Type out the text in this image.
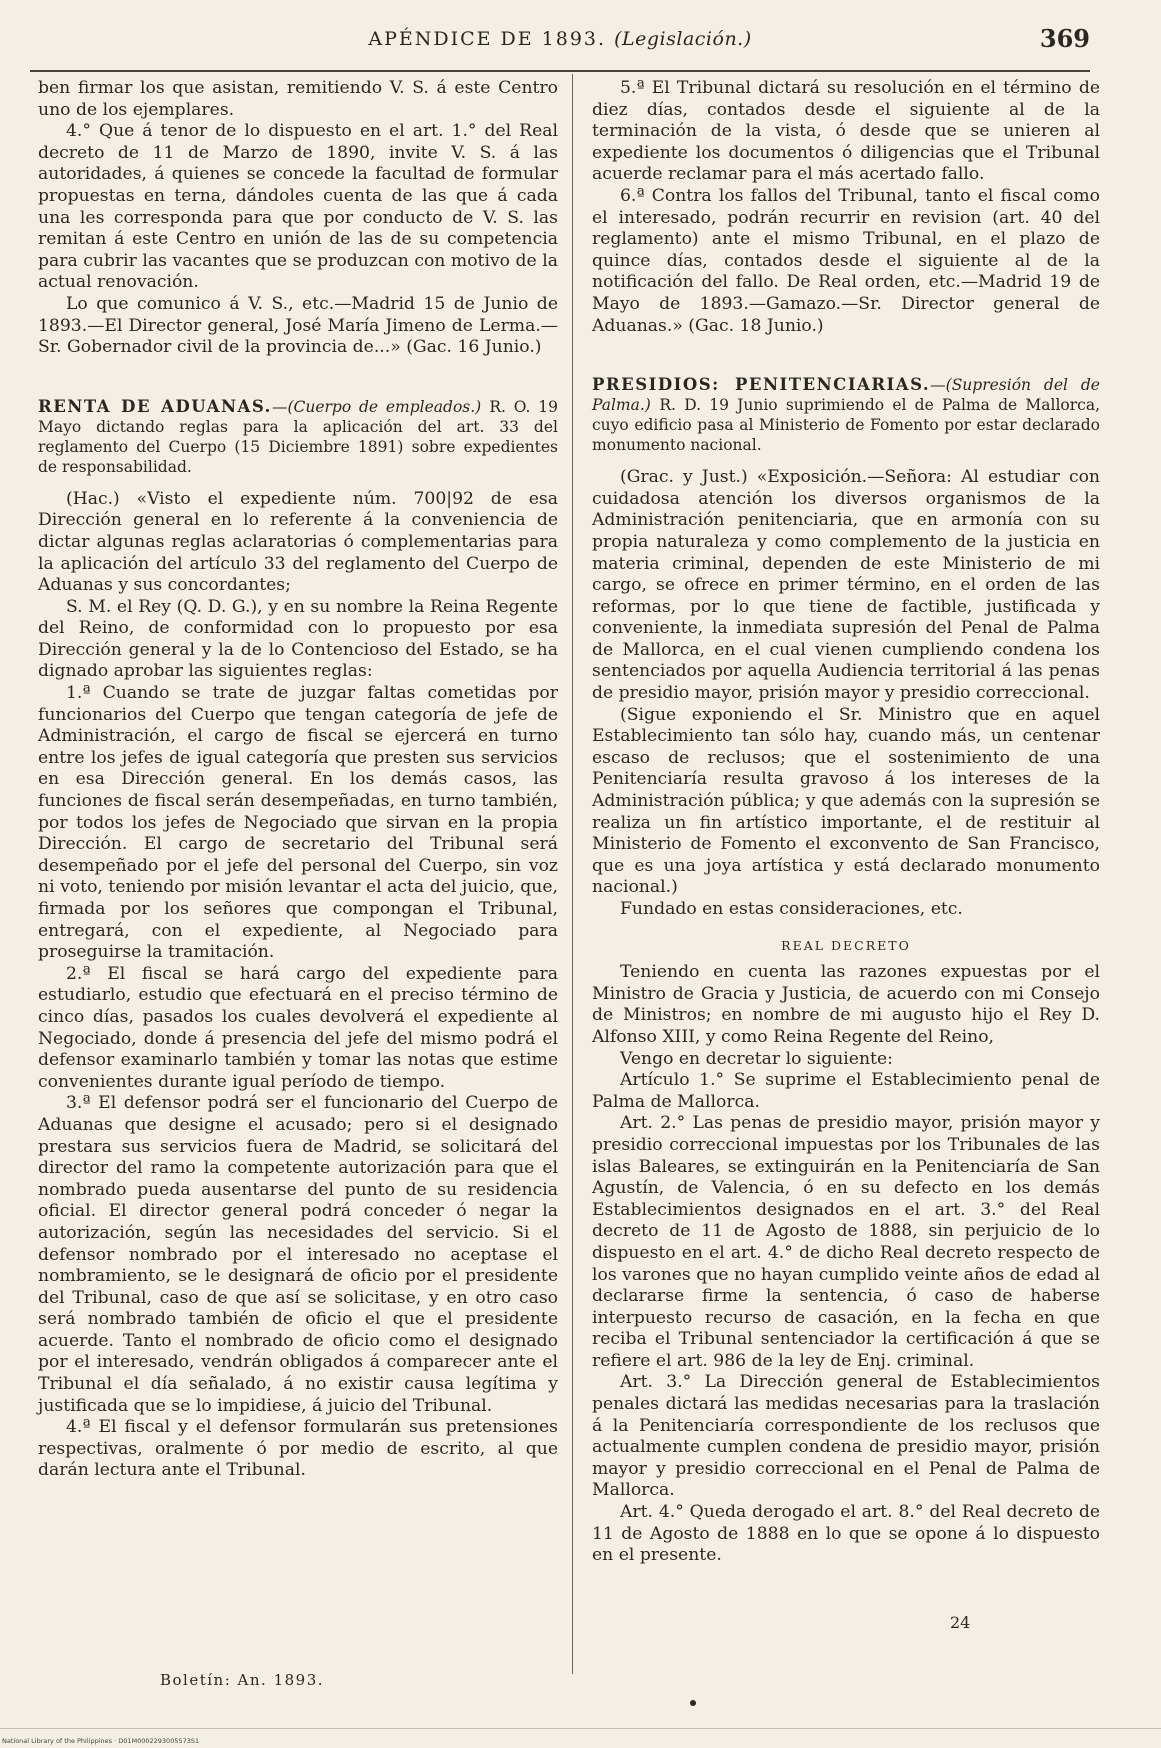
APÉNDICE DE 1893. (Legislación.)	369

ben firmar los que asistan, remitiendo V. S. á este Centro uno de los ejemplares.

4.° Que á tenor de lo dispuesto en el art. 1.° del Real decreto de 11 de Marzo de 1890, invite V. S. á las autoridades, á quienes se concede la facultad de formular propuestas en terna, dándoles cuenta de las que á cada una les corresponda para que por conducto de V. S. las remitan á este Centro en unión de las de su competencia para cubrir las vacantes que se produzcan con motivo de la actual renovación.

Lo que comunico á V. S., etc.—Madrid 15 de Junio de 1893.—El Director general, José María Jimeno de Lerma.—Sr. Gobernador civil de la provincia de...» (Gac. 16 Junio.)

RENTA DE ADUANAS.—(Cuerpo de empleados.) R. O. 19 Mayo dictando reglas para la aplicación del art. 33 del reglamento del Cuerpo (15 Diciembre 1891) sobre expedientes de responsabilidad.

(Hac.) «Visto el expediente núm. 700|92 de esa Dirección general en lo referente á la conveniencia de dictar algunas reglas aclaratorias ó complementarias para la aplicación del artículo 33 del reglamento del Cuerpo de Aduanas y sus concordantes;

S. M. el Rey (Q. D. G.), y en su nombre la Reina Regente del Reino, de conformidad con lo propuesto por esa Dirección general y la de lo Contencioso del Estado, se ha dignado aprobar las siguientes reglas:

1.ª Cuando se trate de juzgar faltas cometidas por funcionarios del Cuerpo que tengan categoría de jefe de Administración, el cargo de fiscal se ejercerá en turno entre los jefes de igual categoría que presten sus servicios en esa Dirección general. En los demás casos, las funciones de fiscal serán desempeñadas, en turno también, por todos los jefes de Negociado que sirvan en la propia Dirección. El cargo de secretario del Tribunal será desempeñado por el jefe del personal del Cuerpo, sin voz ni voto, teniendo por misión levantar el acta del juicio, que, firmada por los señores que compongan el Tribunal, entregará, con el expediente, al Negociado para proseguirse la tramitación.

2.ª El fiscal se hará cargo del expediente para estudiarlo, estudio que efectuará en el preciso término de cinco días, pasados los cuales devolverá el expediente al Negociado, donde á presencia del jefe del mismo podrá el defensor examinarlo también y tomar las notas que estime convenientes durante igual período de tiempo.

3.ª El defensor podrá ser el funcionario del Cuerpo de Aduanas que designe el acusado; pero si el designado prestara sus servicios fuera de Madrid, se solicitará del director del ramo la competente autorización para que el nombrado pueda ausentarse del punto de su residencia oficial. El director general podrá conceder ó negar la autorización, según las necesidades del servicio. Si el defensor nombrado por el interesado no aceptase el nombramiento, se le designará de oficio por el presidente del Tribunal, caso de que así se solicitase, y en otro caso será nombrado también de oficio el que el presidente acuerde. Tanto el nombrado de oficio como el designado por el interesado, vendrán obligados á comparecer ante el Tribunal el día señalado, á no existir causa legítima y justificada que se lo impidiese, á juicio del Tribunal.

4.ª El fiscal y el defensor formularán sus pretensiones respectivas, oralmente ó por medio de escrito, al que darán lectura ante el Tribunal.

5.ª El Tribunal dictará su resolución en el término de diez días, contados desde el siguiente al de la terminación de la vista, ó desde que se unieren al expediente los documentos ó diligencias que el Tribunal acuerde reclamar para el más acertado fallo.

6.ª Contra los fallos del Tribunal, tanto el fiscal como el interesado, podrán recurrir en revision (art. 40 del reglamento) ante el mismo Tribunal, en el plazo de quince días, contados desde el siguiente al de la notificación del fallo. De Real orden, etc.—Madrid 19 de Mayo de 1893.—Gamazo.—Sr. Director general de Aduanas.» (Gac. 18 Junio.)

PRESIDIOS: PENITENCIARIAS.—(Supresión del de Palma.) R. D. 19 Junio suprimiendo el de Palma de Mallorca, cuyo edificio pasa al Ministerio de Fomento por estar declarado monumento nacional.

(Grac. y Just.) «Exposición.—Señora: Al estudiar con cuidadosa atención los diversos organismos de la Administración penitenciaria, que en armonía con su propia naturaleza y como complemento de la justicia en materia criminal, dependen de este Ministerio de mi cargo, se ofrece en primer término, en el orden de las reformas, por lo que tiene de factible, justificada y conveniente, la inmediata supresión del Penal de Palma de Mallorca, en el cual vienen cumpliendo condena los sentenciados por aquella Audiencia territorial á las penas de presidio mayor, prisión mayor y presidio correccional.

(Sigue exponiendo el Sr. Ministro que en aquel Establecimiento tan sólo hay, cuando más, un centenar escaso de reclusos; que el sostenimiento de una Penitenciaría resulta gravoso á los intereses de la Administración pública; y que además con la supresión se realiza un fin artístico importante, el de restituir al Ministerio de Fomento el exconvento de San Francisco, que es una joya artística y está declarado monumento nacional.)

Fundado en estas consideraciones, etc.

REAL DECRETO

Teniendo en cuenta las razones expuestas por el Ministro de Gracia y Justicia, de acuerdo con mi Consejo de Ministros; en nombre de mi augusto hijo el Rey D. Alfonso XIII, y como Reina Regente del Reino,

Vengo en decretar lo siguiente:

Artículo 1.° Se suprime el Establecimiento penal de Palma de Mallorca.

Art. 2.° Las penas de presidio mayor, prisión mayor y presidio correccional impuestas por los Tribunales de las islas Baleares, se extinguirán en la Penitenciaría de San Agustín, de Valencia, ó en su defecto en los demás Establecimientos designados en el art. 3.° del Real decreto de 11 de Agosto de 1888, sin perjuicio de lo dispuesto en el art. 4.° de dicho Real decreto respecto de los varones que no hayan cumplido veinte años de edad al declararse firme la sentencia, ó caso de haberse interpuesto recurso de casación, en la fecha en que reciba el Tribunal sentenciador la certificación á que se refiere el art. 986 de la ley de Enj. criminal.

Art. 3.° La Dirección general de Establecimientos penales dictará las medidas necesarias para la traslación á la Penitenciaría correspondiente de los reclusos que actualmente cumplen condena de presidio mayor, prisión mayor y presidio correccional en el Penal de Palma de Mallorca.

Art. 4.° Queda derogado el art. 8.° del Real decreto de 11 de Agosto de 1888 en lo que se opone á lo dispuesto en el presente.

Boletín: An. 1893.
24
National Library of the Philippines · D01M0002293005573S1
